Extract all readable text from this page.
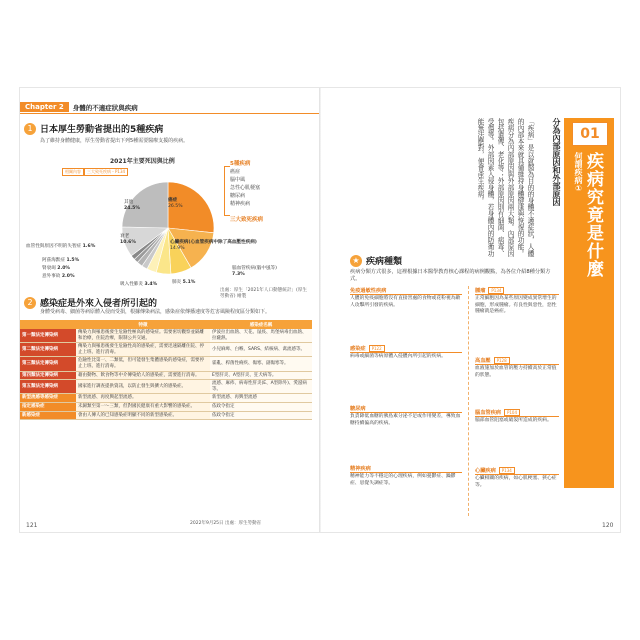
Chapter 2	身體的不適症狀與疾病
1 日本厚生勞動省提出的5種疾病
為了維持身體健康，厚生勞動省提出下列5種需要醫療支援的疾病。
2021年主要死因與比例
相關內容	三大致死疾病・P134
癌症
26.5%
心臟疾病(心血管疾病中除了高血壓性疾病)
14.9%
腦血管疾病(腦中風等)
7.3%
肺炎 5.1%
吸入性肺炎 3.4%
意外事故 2.0%
腎衰竭 2.0%
阿茲海默症 1.5%
血管性與原因不明的失智症 1.6%
衰老
10.6%
其他
24.5%
5種疾病
癌症
腦中風
急性心肌梗塞
糖尿病
精神疾病
三大致死疾病
出處：厚生「2021年人口動態統計」(厚生勞動省) 繪製
2 感染症是外來入侵者所引起的
身體受病毒、細菌等病原體入侵而受損，根據傳染病法，感染症依傳播速度等危害風險程度區分類如下。
	特徵	感染症名稱
第一類法定傳染病	傳染力與罹患後發生危險性極高的感染症。需要密切觀察並隔離和治療，住院治療，限制公共交通。	伊波拉出血熱、天花、鼠疫、馬堡病毒出血熱、拉薩熱。
第二類法定傳染病	傳染力與罹患後發生危險性高的感染症，需要迅速隔離住院、停止上班、進行消毒。	小兒麻痺、白喉、SARS、結核病、禽流感等。
第三類法定傳染病	危險性比第一、二類低，但可能發生集體感染的感染症，需要停止上班、進行消毒。	霍亂、桿菌性痢疾、傷寒、副傷寒等。
第四類法定傳染病	藉由動物、飲食物等中介傳染給人的感染症，需要進行消毒。	E型肝炎、A型肝炎、狂犬病等。
第五類法定傳染病	國家進行調查提供資訊，以防止發生與擴大的感染症。	流感、麻疹、病毒性肝炎(E、A型除外)、愛滋病等。
新型流感等感染症	新型流感、再度興起型流感。	新型流感、再興型流感
指定感染症	未歸類至第一～三類，但對國民健康有重大影響的感染症。	依政令指定
新感染症	會由人傳人的已知感染症明顯不同的新型感染症。	依政令指定
2022年9月25日 出處：厚生勞動省
121
01
何謂疾病① 疾病究竟是什麼
分為內部原因和外部原因
「疾病」是以就醫為目的的身體不適症狀，人體的內部本來就具備維持身體健康與恢復的功能。疾病分為內部原因與外部原因兩大類。內部原因包括遺傳、老化等；外部原因則有細菌、病毒、受傷等。外部因素入侵身體，若身體內的防衛功能無法應對，便會產生疾病。
★ 疾病種類
疾病分類方式很多，這裡根據日本醫學教育核心課程的病例觀點，為各位介紹8種分類方式。
免疫過敏性疾病
人體的免疫細胞將沒有直接害處的食物或花粉視為敵人攻擊所引發的疾病。
腫瘤 P134
正常細胞因為某些原因變成異常增生的細胞，形成腫瘤。有良性與惡性，惡性腫瘤就是癌症。
感染症 P122
病毒或細菌等病原體入侵體內所引起的疾病。
高血壓 P128
血液施加於血管的壓力持續高於正常值的狀態。
腦血管疾病 P104
腦部血管阻塞或破裂所造成的疾病。
糖尿病
負責降低血糖的胰島素分泌不足或作用變差，導致血糖持續偏高的疾病。
精神疾病
精神能力等不穩定的心理疾病，例如憂鬱症、躁鬱症、思覺失調症等。
心臟疾病 P134
心臟相關的疾病，如心肌梗塞、狹心症等。
120
